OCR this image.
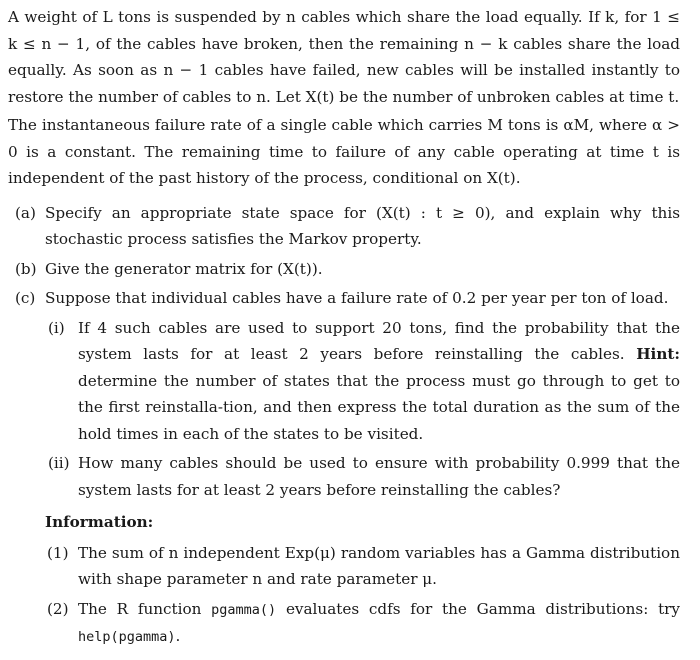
A weight of L tons is suspended by n cables which share the load equally. If k, for 1 ≤ k ≤ n − 1, of the cables have broken, then the remaining n − k cables share the load equally. As soon as n − 1 cables have failed, new cables will be installed instantly to restore the number of cables to n. Let X(t) be the number of unbroken cables at time t.

The instantaneous failure rate of a single cable which carries M tons is αM, where α > 0 is a constant. The remaining time to failure of any cable operating at time t is independent of the past history of the process, conditional on X(t).

(a) Specify an appropriate state space for (X(t) : t ≥ 0), and explain why this stochastic process satisfies the Markov property.
(b) Give the generator matrix for (X(t)).
(c) Suppose that individual cables have a failure rate of 0.2 per year per ton of load.
(i) If 4 such cables are used to support 20 tons, find the probability that the system lasts for at least 2 years before reinstalling the cables. Hint: determine the number of states that the process must go through to get to the first reinstalla-tion, and then express the total duration as the sum of the hold times in each of the states to be visited.
(ii) How many cables should be used to ensure with probability 0.999 that the system lasts for at least 2 years before reinstalling the cables?
Information:
(1) The sum of n independent Exp(μ) random variables has a Gamma distribution with shape parameter n and rate parameter μ.
(2) The R function pgamma() evaluates cdfs for the Gamma distributions: try help(pgamma).
